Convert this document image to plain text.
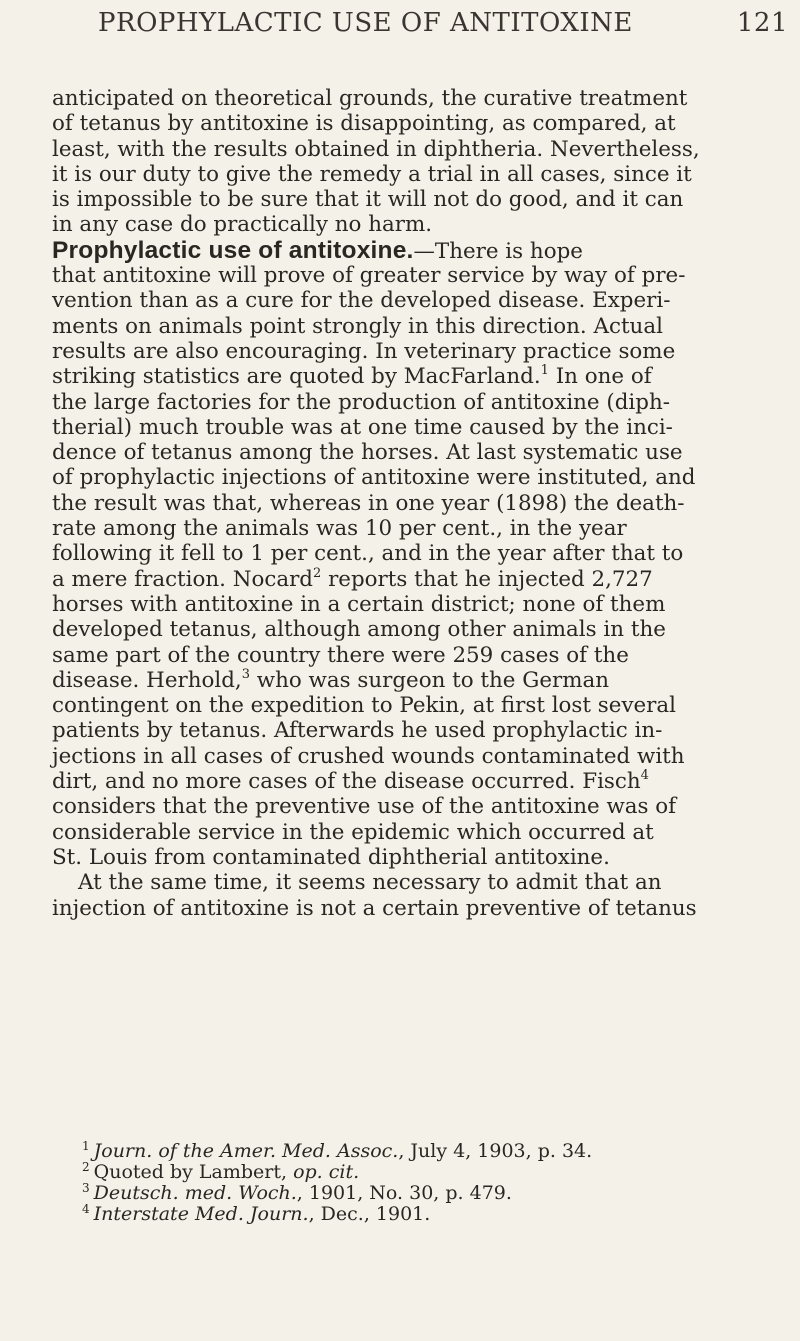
PROPHYLACTIC USE OF ANTITOXINE	121
anticipated on theoretical grounds, the curative treatment
of tetanus by antitoxine is disappointing, as compared, at
least, with the results obtained in diphtheria. Nevertheless,
it is our duty to give the remedy a trial in all cases, since it
is impossible to be sure that it will not do good, and it can
in any case do practically no harm.
Prophylactic use of antitoxine.—There is hope
that antitoxine will prove of greater service by way of pre-
vention than as a cure for the developed disease. Experi-
ments on animals point strongly in this direction. Actual
results are also encouraging. In veterinary practice some
striking statistics are quoted by MacFarland.$^1$ In one of
the large factories for the production of antitoxine (diph-
therial) much trouble was at one time caused by the inci-
dence of tetanus among the horses. At last systematic use
of prophylactic injections of antitoxine were instituted, and
the result was that, whereas in one year (1898) the death-
rate among the animals was 10 per cent., in the year
following it fell to 1 per cent., and in the year after that to
a mere fraction. Nocard$^2$ reports that he injected 2,727
horses with antitoxine in a certain district; none of them
developed tetanus, although among other animals in the
same part of the country there were 259 cases of the
disease. Herhold,$^3$ who was surgeon to the German
contingent on the expedition to Pekin, at first lost several
patients by tetanus. Afterwards he used prophylactic in-
jections in all cases of crushed wounds contaminated with
dirt, and no more cases of the disease occurred. Fisch$^4$
considers that the preventive use of the antitoxine was of
considerable service in the epidemic which occurred at
St. Louis from contaminated diphtherial antitoxine.
At the same time, it seems necessary to admit that an
injection of antitoxine is not a certain preventive of tetanus
$^1$ Journ. of the Amer. Med. Assoc., July 4, 1903, p. 34.
$^2$ Quoted by Lambert, op. cit.
$^3$ Deutsch. med. Woch., 1901, No. 30, p. 479.
$^4$ Interstate Med. Journ., Dec., 1901.
